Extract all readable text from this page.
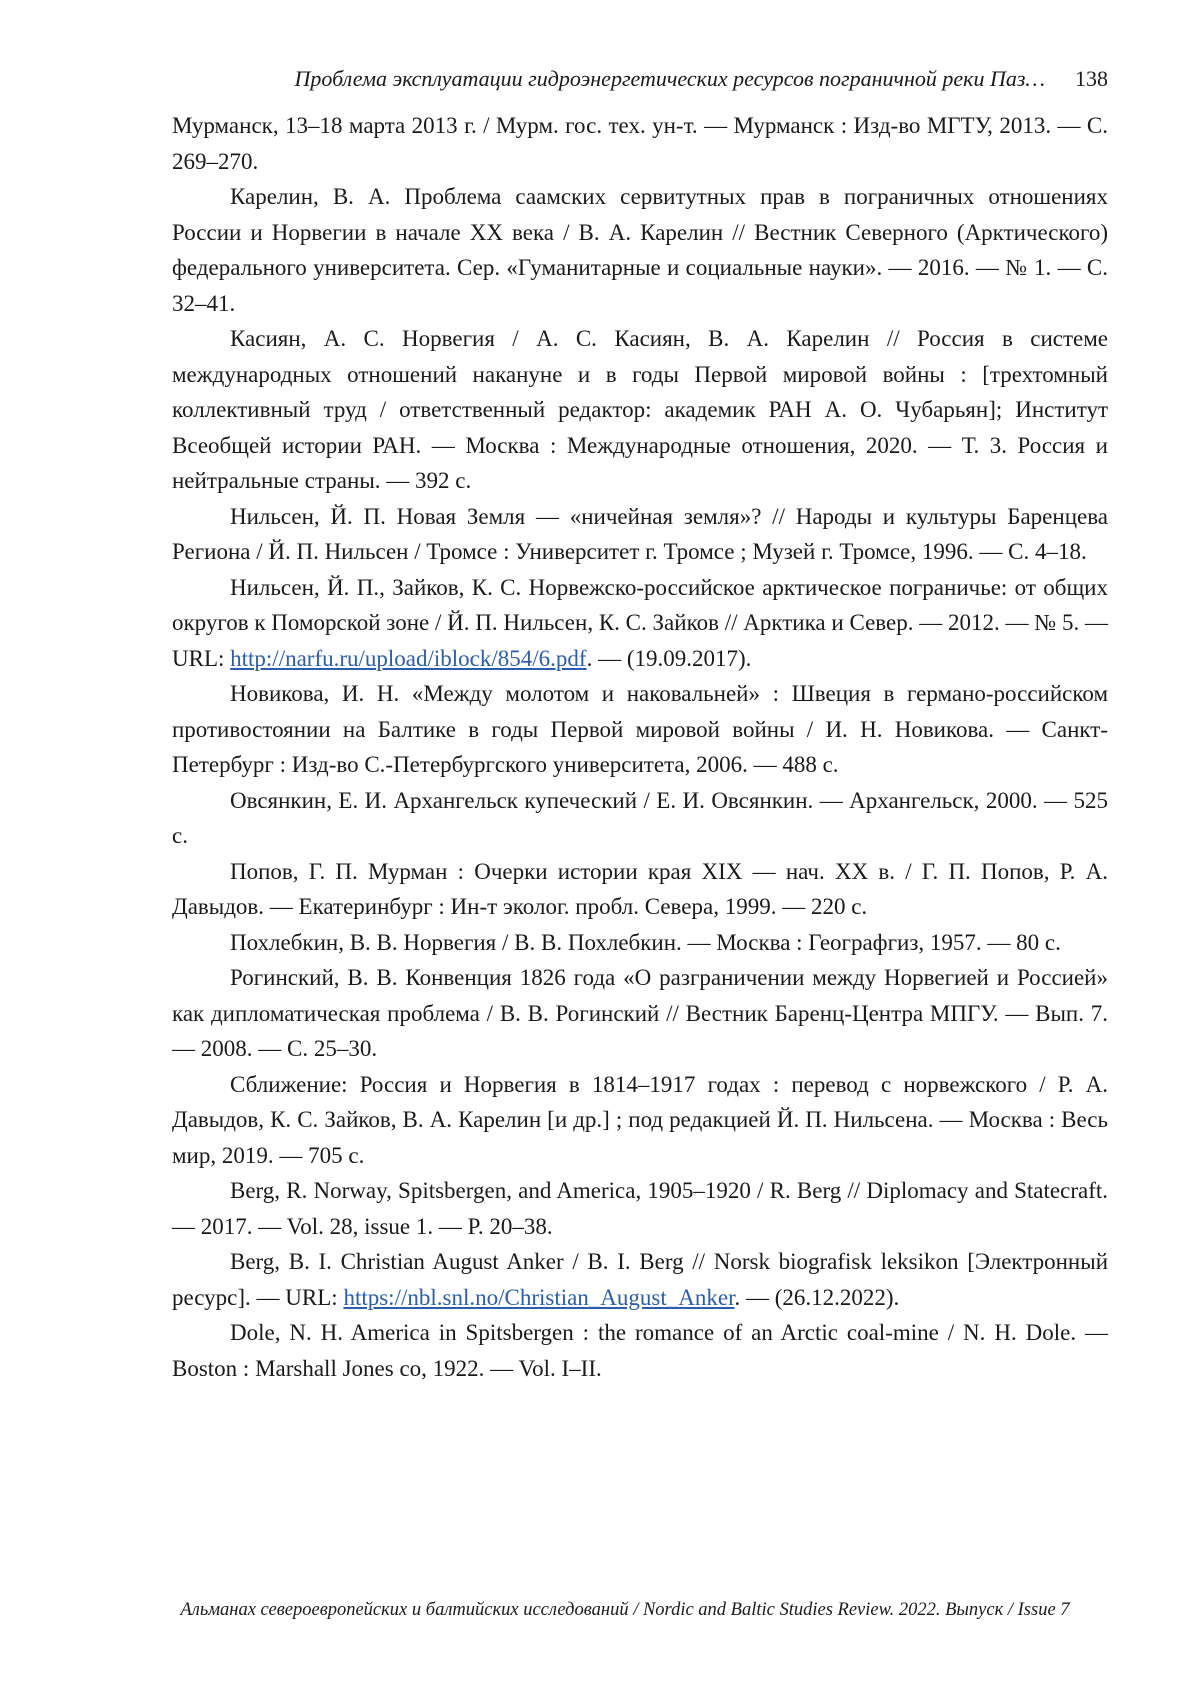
Проблема эксплуатации гидроэнергетических ресурсов пограничной реки Паз… 138

Мурманск, 13–18 марта 2013 г. / Мурм. гос. тех. ун-т. — Мурманск : Изд-во МГТУ, 2013. — С. 269–270.

Карелин, В. А. Проблема саамских сервитутных прав в пограничных отношениях России и Норвегии в начале XX века / В. А. Карелин // Вестник Северного (Арктического) федерального университета. Сер. «Гуманитарные и социальные науки». — 2016. — № 1. — С. 32–41.

Касиян, А. С. Норвегия / А. С. Касиян, В. А. Карелин // Россия в системе международных отношений накануне и в годы Первой мировой войны : [трехтомный коллективный труд / ответственный редактор: академик РАН А. О. Чубарьян]; Институт Всеобщей истории РАН. — Москва : Международные отношения, 2020. — Т. 3. Россия и нейтральные страны. — 392 с.

Нильсен, Й. П. Новая Земля — «ничейная земля»? // Народы и культуры Баренцева Региона / Й. П. Нильсен / Тромсе : Университет г. Тромсе ; Музей г. Тромсе, 1996. — С. 4–18.

Нильсен, Й. П., Зайков, К. С. Норвежско-российское арктическое пограничье: от общих округов к Поморской зоне / Й. П. Нильсен, К. С. Зайков // Арктика и Север. — 2012. — № 5. — URL: http://narfu.ru/upload/iblock/854/6.pdf. — (19.09.2017).

Новикова, И. Н. «Между молотом и наковальней» : Швеция в германо-российском противостоянии на Балтике в годы Первой мировой войны / И. Н. Новикова. — Санкт-Петербург : Изд-во С.-Петербургского университета, 2006. — 488 с.

Овсянкин, Е. И. Архангельск купеческий / Е. И. Овсянкин. — Архангельск, 2000. — 525 с.

Попов, Г. П. Мурман : Очерки истории края XIX — нач. XX в. / Г. П. Попов, Р. А. Давыдов. — Екатеринбург : Ин-т эколог. пробл. Севера, 1999. — 220 с.

Похлебкин, В. В. Норвегия / В. В. Похлебкин. — Москва : Географгиз, 1957. — 80 с.

Рогинский, В. В. Конвенция 1826 года «О разграничении между Норвегией и Россией» как дипломатическая проблема / В. В. Рогинский // Вестник Баренц-Центра МПГУ. — Вып. 7. — 2008. — С. 25–30.

Сближение: Россия и Норвегия в 1814–1917 годах : перевод с норвежского / Р. А. Давыдов, К. С. Зайков, В. А. Карелин [и др.] ; под редакцией Й. П. Нильсена. — Москва : Весь мир, 2019. — 705 с.

Berg, R. Norway, Spitsbergen, and America, 1905–1920 / R. Berg // Diplomacy and Statecraft. — 2017. — Vol. 28, issue 1. — P. 20–38.

Berg, B. I. Christian August Anker / B. I. Berg // Norsk biografisk leksikon [Электронный ресурс]. — URL: https://nbl.snl.no/Christian_August_Anker. — (26.12.2022).

Dole, N. H. America in Spitsbergen : the romance of an Arctic coal-mine / N. H. Dole. — Boston : Marshall Jones co, 1922. — Vol. I–II.

Альманах североевропейских и балтийских исследований / Nordic and Baltic Studies Review. 2022. Выпуск / Issue 7
